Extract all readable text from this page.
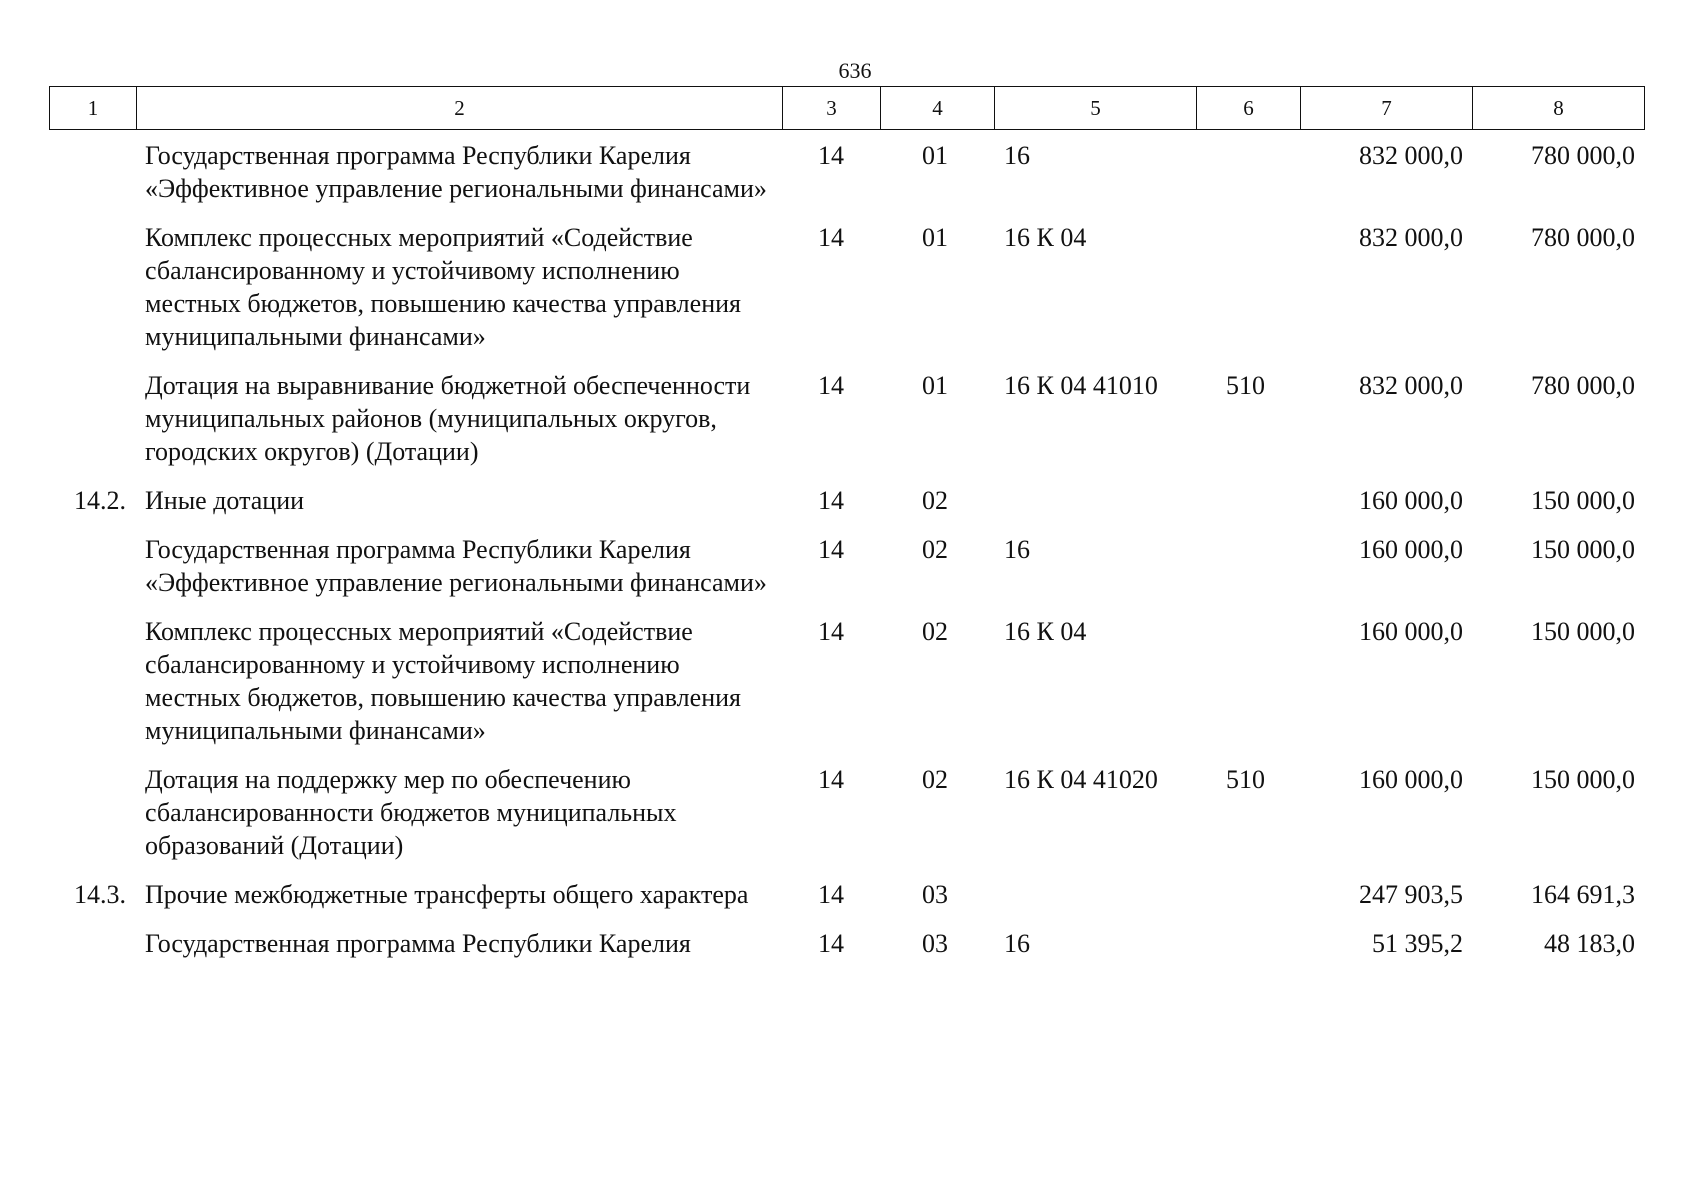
636
1	2	3	4	5	6	7	8
	Государственная программа Республики Карелия «Эффективное управление региональными финансами»	14	01	16		832 000,0	780 000,0
	Комплекс процессных мероприятий «Содействие сбалансированному и устойчивому исполнению местных бюджетов, повышению качества управления муниципальными финансами»	14	01	16 К 04		832 000,0	780 000,0
	Дотация на выравнивание бюджетной обеспеченности муниципальных районов (муниципальных округов, городских округов) (Дотации)	14	01	16 К 04 41010	510	832 000,0	780 000,0
14.2.	Иные дотации	14	02			160 000,0	150 000,0
	Государственная программа Республики Карелия «Эффективное управление региональными финансами»	14	02	16		160 000,0	150 000,0
	Комплекс процессных мероприятий «Содействие сбалансированному и устойчивому исполнению местных бюджетов, повышению качества управления муниципальными финансами»	14	02	16 К 04		160 000,0	150 000,0
	Дотация на поддержку мер по обеспечению сбалансированности бюджетов муниципальных образований (Дотации)	14	02	16 К 04 41020	510	160 000,0	150 000,0
14.3.	Прочие межбюджетные трансферты общего характера	14	03			247 903,5	164 691,3
	Государственная программа Республики Карелия	14	03	16		51 395,2	48 183,0
